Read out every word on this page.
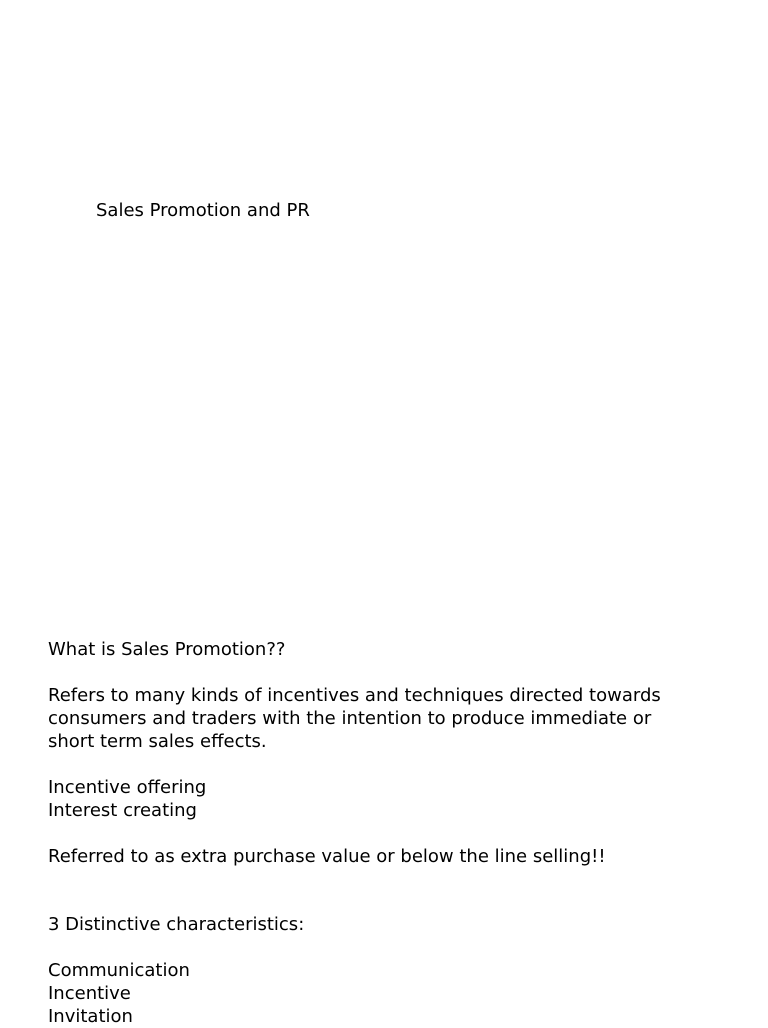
Sales Promotion and PR
What is Sales Promotion??
Refers to many kinds of incentives and techniques directed towards
consumers and traders with the intention to produce immediate or
short term sales effects.
Incentive offering
Interest creating
Referred to as extra purchase value or below the line selling!!
3 Distinctive characteristics:
Communication
Incentive
Invitation
